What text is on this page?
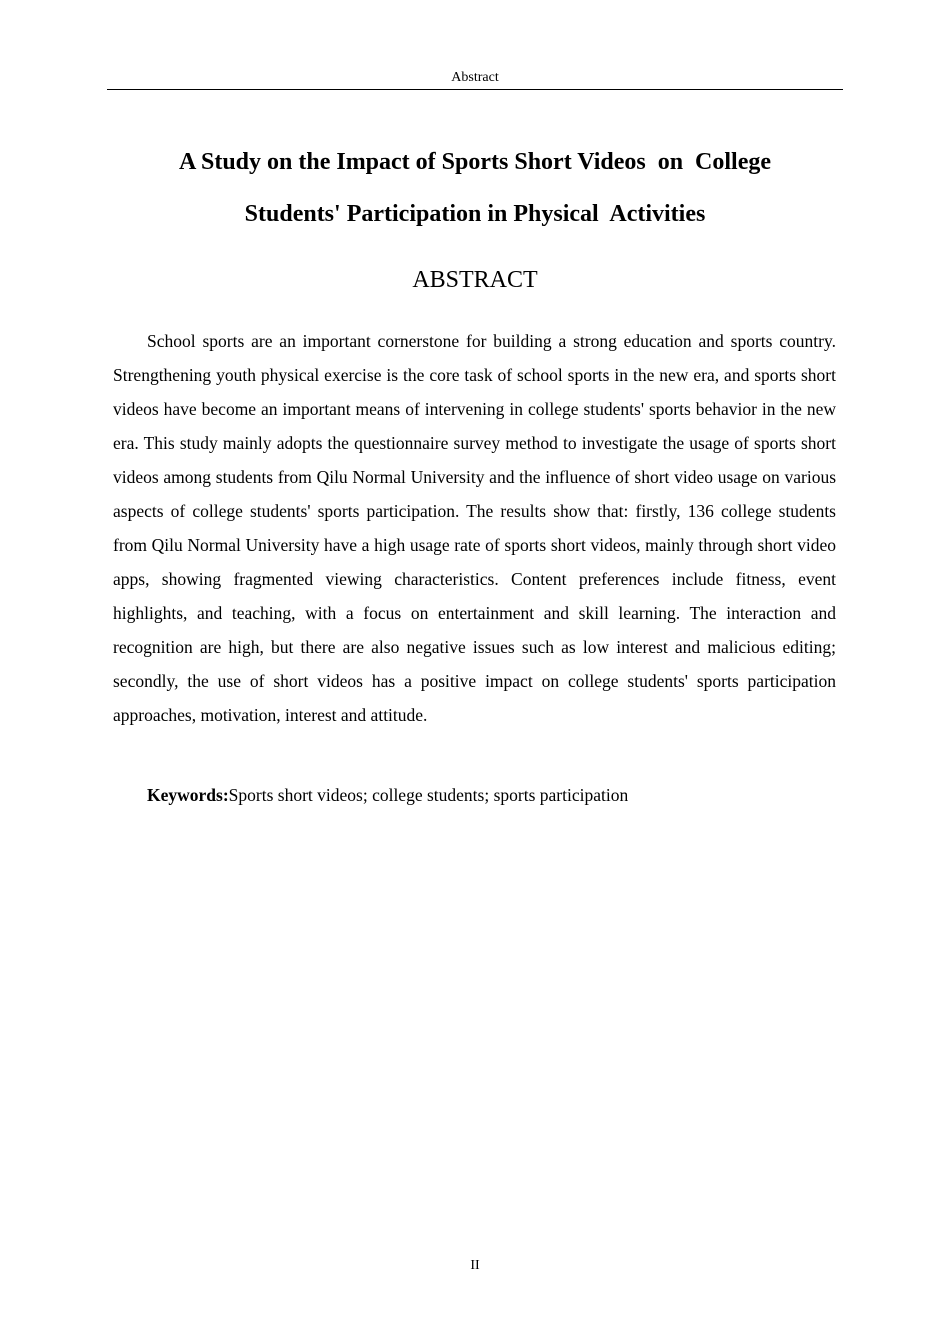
Abstract
A Study on the Impact of Sports Short Videos  on  College
Students' Participation in Physical  Activities
ABSTRACT

School sports are an important cornerstone for building a strong education and sports country. Strengthening youth physical exercise is the core task of school sports in the new era, and sports short videos have become an important means of intervening in college students' sports behavior in the new era. This study mainly adopts the questionnaire survey method to investigate the usage of sports short videos among students from Qilu Normal University and the influence of short video usage on various aspects of college students' sports participation. The results show that: firstly, 136 college students from Qilu Normal University have a high usage rate of sports short videos, mainly through short video apps, showing fragmented viewing characteristics. Content preferences include fitness, event highlights, and teaching, with a focus on entertainment and skill learning. The interaction and recognition are high, but there are also negative issues such as low interest and malicious editing; secondly, the use of short videos has a positive impact on college students' sports participation approaches, motivation, interest and attitude.

Keywords:Sports short videos; college students; sports participation

II
